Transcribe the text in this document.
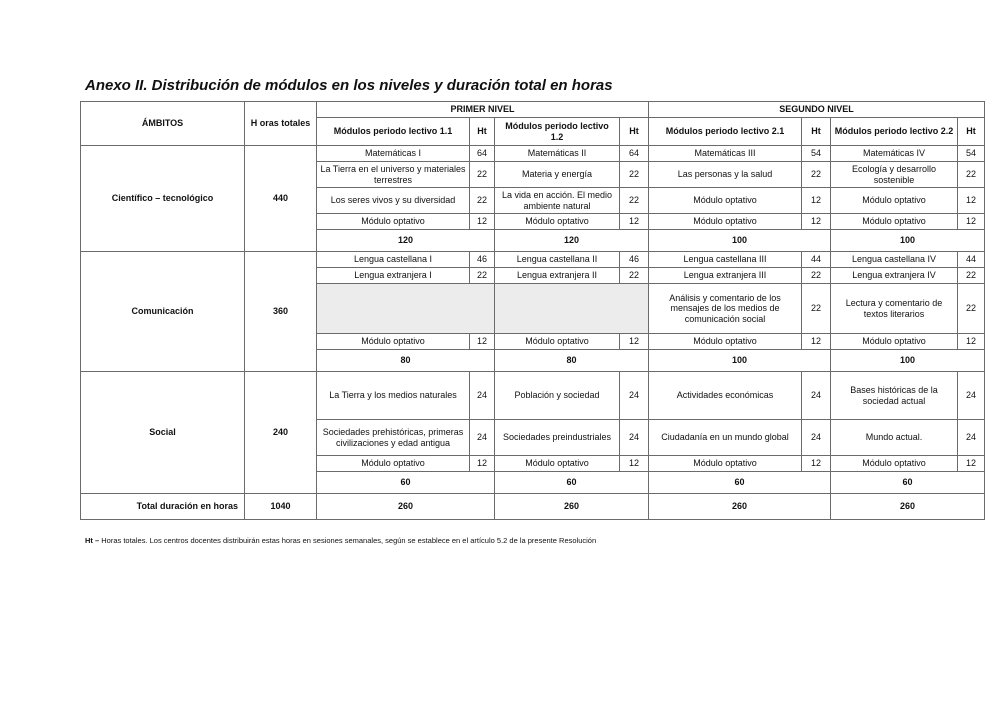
Anexo II. Distribución de módulos en los niveles y duración total en horas
ÁMBITOS	H oras totales	PRIMER NIVEL				SEGUNDO NIVEL			
		Módulos periodo lectivo 1.1	Ht	Módulos periodo lectivo 1.2	Ht	Módulos periodo lectivo 2.1	Ht	Módulos periodo lectivo 2.2	Ht
Científico – tecnológico	440	Matemáticas I	64	Matemáticas II	64	Matemáticas III	54	Matemáticas IV	54
		La Tierra en el universo y materiales terrestres	22	Materia y energía	22	Las personas y la salud	22	Ecología y desarrollo sostenible	22
		Los seres vivos y su diversidad	22	La vida en acción. El medio ambiente natural	22	Módulo optativo	12	Módulo optativo	12
		Módulo optativo	12	Módulo optativo	12	Módulo optativo	12	Módulo optativo	12
		120		120		100		100	
Comunicación	360	Lengua castellana I	46	Lengua castellana II	46	Lengua castellana III	44	Lengua castellana IV	44
		Lengua extranjera I	22	Lengua extranjera II	22	Lengua extranjera III	22	Lengua extranjera IV	22
						Análisis y comentario de los mensajes de los medios de comunicación social	22	Lectura y comentario de textos literarios	22
		Módulo optativo	12	Módulo optativo	12	Módulo optativo	12	Módulo optativo	12
		80		80		100		100	
Social	240	La Tierra y los medios naturales	24	Población y sociedad	24	Actividades económicas	24	Bases históricas de la sociedad actual	24
		Sociedades prehistóricas, primeras civilizaciones y edad antigua	24	Sociedades preindustriales	24	Ciudadanía en un mundo global	24	Mundo actual.	24
		Módulo optativo	12	Módulo optativo	12	Módulo optativo	12	Módulo optativo	12
		60		60		60		60	
Total duración en horas	1040	260		260		260		260	
Ht – Horas totales. Los centros docentes distribuirán estas horas en sesiones semanales, según se establece en el artículo 5.2 de la presente Resolución
